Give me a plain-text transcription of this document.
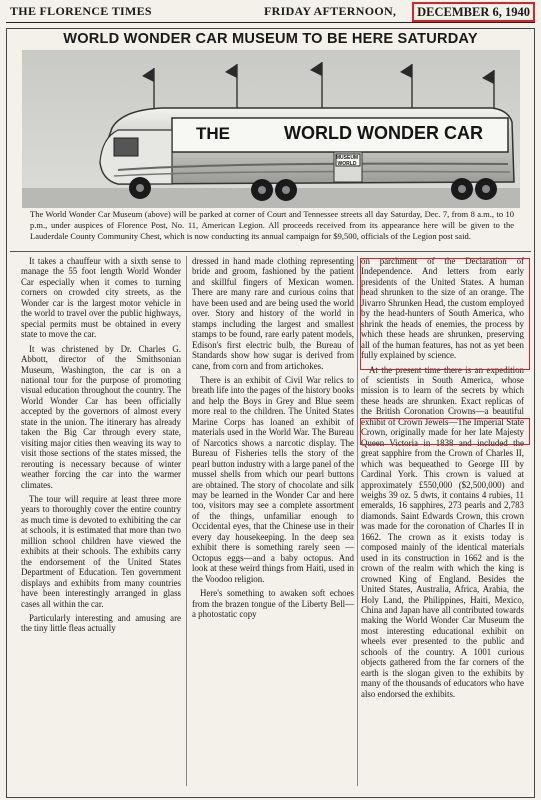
THE FLORENCE TIMES	FRIDAY AFTERNOON,	DECEMBER 6, 1940
WORLD WONDER CAR MUSEUM TO BE HERE SATURDAY
THE	WORLD WONDER CAR
MUSEUM WORLD
The World Wonder Car Museum (above) will be parked at corner of Court and Tennessee streets all day Saturday, Dec. 7, from 8 a.m., to 10 p.m., under auspices of Florence Post, No. 11, American Legion. All proceeds received from its appearance here will be given to the Lauderdale County Community Chest, which is now conducting its annual campaign for $9,500, officials of the Legion post said.

It takes a chauffeur with a sixth sense to manage the 55 foot length World Wonder Car especially when it comes to turning corners on crowded city streets, as the Wonder car is the largest motor vehicle in the world to travel over the public highways, special permits must be obtained in every state to move the car.

It was christened by Dr. Charles G. Abbott, director of the Smithsonian Museum, Washington, the car is on a national tour for the purpose of promoting visual education throughout the country. The World Wonder Car has been officially accepted by the governors of almost every state in the union. The itinerary has already taken the Big Car through every state, visiting major cities then weaving its way to visit those sections of the states missed, the rerouting is necessary because of winter weather forcing the car into the warmer climates.

The tour will require at least three more years to thoroughly cover the entire country as much time is devoted to exhibiting the car at schools, it is estimated that more than two million school children have viewed the exhibits at their schools. The exhibits carry the endorsement of the United States Department of Education. Ten government displays and exhibits from many countries have been interestingly arranged in glass cases all within the car.

Particularly interesting and amusing are the tiny little fleas actually

dressed in hand made clothing representing bride and groom, fashioned by the patient and skillful fingers of Mexican women. There are many rare and curious coins that have been used and are being used the world over. Story and history of the world in stamps including the largest and smallest stamps to be found, rare early patent models, Edison's first electric bulb, the Bureau of Standards show how sugar is derived from cane, from corn and from artichokes.

There is an exhibit of Civil War relics to breath life into the pages of the history books and help the Boys in Grey and Blue seem more real to the children. The United States Marine Corps has loaned an exhibit of materials used in the World War. The Bureau of Narcotics shows a narcotic display. The Bureau of Fisheries tells the story of the pearl button industry with a large panel of the mussel shells from which our pearl buttons are obtained. The story of chocolate and silk may be learned in the Wonder Car and here too, visitors may see a complete assortment of the things, unfamiliar enough to Occidental eyes, that the Chinese use in their every day housekeeping. In the deep sea exhibit there is something rarely seen — Octopus eggs—and a baby octopus. And look at these weird things from Haiti, used in the Voodoo religion.

Here's something to awaken soft echoes from the brazen tongue of the Liberty Bell—a photostatic copy

on parchment of the Declaration of Independence. And letters from early presidents of the United States. A human head shrunken to the size of an orange. The Jivarro Shrunken Head, the custom employed by the head-hunters of South America, who shrink the heads of enemies, the process by which these heads are shrunken, preserving all of the human features, has not as yet been fully explained by science.

At the present time there is an expedition of scientists in South America, whose mission is to learn of the secrets by which these heads are shrunken. Exact replicas of the British Coronation Crowns—a beautiful exhibit of Crown Jewels—The Imperial State Crown, originally made for her late Majesty Queen Victoria in 1838 and included the great sapphire from the Crown of Charles II, which was bequeathed to George III by Cardinal York. This crown is valued at approximately £550,000 ($2,500,000) and weighs 39 oz. 5 dwts, it contains 4 rubies, 11 emeralds, 16 sapphires, 273 pearls and 2,783 diamonds. Saint Edwards Crown, this crown was made for the coronation of Charles II in 1662. The crown as it exists today is composed mainly of the identical materials used in its construction in 1662 and is the crown of the realm with which the king is crowned King of England. Besides the United States, Australia, Africa, Arabia, the Holy Land, the Philippines, Haiti, Mexico, China and Japan have all contributed towards making the World Wonder Car Museum the most interesting educational exhibit on wheels ever presented to the public and schools of the country. A 1001 curious objects gathered from the far corners of the earth is the slogan given to the exhibits by many of the thousands of educators who have also endorsed the exhibits.
